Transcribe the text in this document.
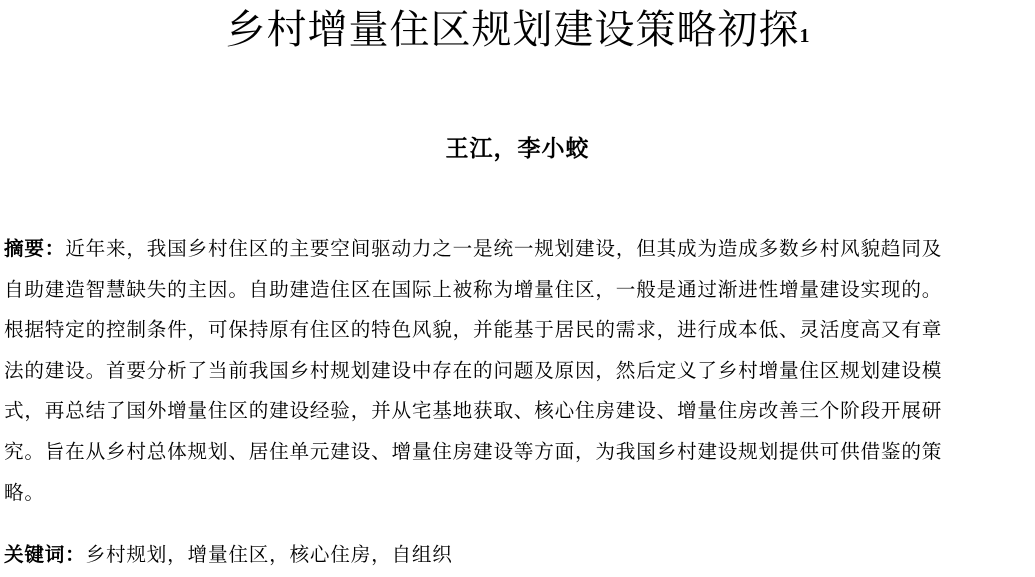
乡村增量住区规划建设策略初探$^1$
王江，李小蛟
摘要：近年来，我国乡村住区的主要空间驱动力之一是统一规划建设，但其成为造成多数乡村风貌趋同及
自助建造智慧缺失的主因。自助建造住区在国际上被称为增量住区，一般是通过渐进性增量建设实现的。
根据特定的控制条件，可保持原有住区的特色风貌，并能基于居民的需求，进行成本低、灵活度高又有章
法的建设。首要分析了当前我国乡村规划建设中存在的问题及原因，然后定义了乡村增量住区规划建设模
式，再总结了国外增量住区的建设经验，并从宅基地获取、核心住房建设、增量住房改善三个阶段开展研
究。旨在从乡村总体规划、居住单元建设、增量住房建设等方面，为我国乡村建设规划提供可供借鉴的策
略。
关键词：乡村规划，增量住区，核心住房，自组织
